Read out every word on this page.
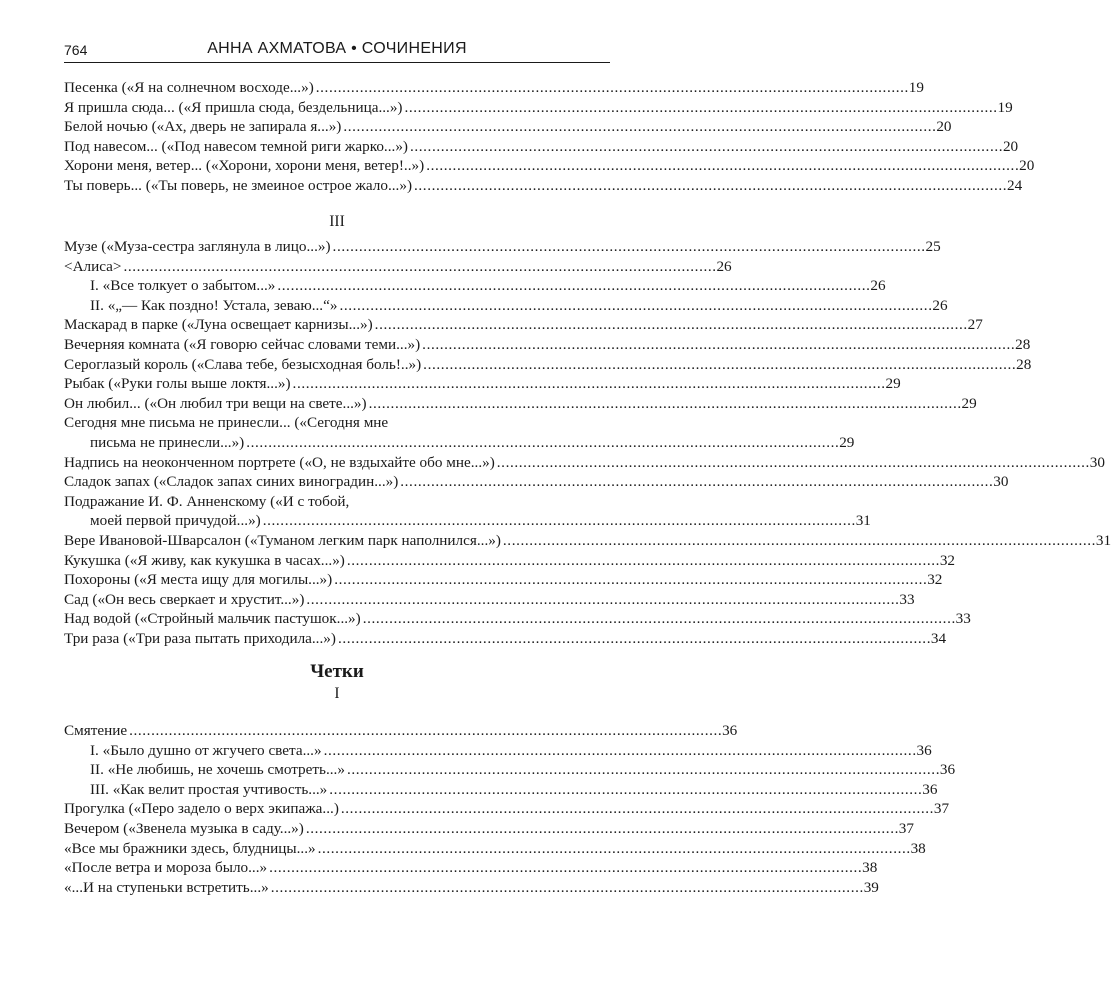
764	АННА АХМАТОВА • СОЧИНЕНИЯ
Песенка («Я на солнечном восходе...») . . .	19
Я пришла сюда... («Я пришла сюда, бездельница...») . . .	19
Белой ночью («Ах, дверь не запирала я...») . . .	20
Под навесом... («Под навесом темной риги жарко...») . . .	20
Хорони меня, ветер... («Хорони, хорони меня, ветер!..») . . .	20
Ты поверь... («Ты поверь, не змеиное острое жало...») . . .	24
III
Музе («Муза-сестра заглянула в лицо...») . . .	25
<Алиса> . . .	26
I. «Все толкует о забытом...» . . .	26
II. «„— Как поздно! Устала, зеваю...“» . . .	26
Маскарад в парке («Луна освещает карнизы...») . . .	27
Вечерняя комната («Я говорю сейчас словами теми...») . . .	28
Сероглазый король («Слава тебе, безысходная боль!..») . . .	28
Рыбак («Руки голы выше локтя...») . . .	29
Он любил... («Он любил три вещи на свете...») . . .	29
Сегодня мне письма не принесли... («Сегодня мне
письма не принесли...») . . .	29
Надпись на неоконченном портрете («О, не вздыхайте обо мне...») . . .	30
Сладок запах («Сладок запах синих виноградин...») . . .	30
Подражание И. Ф. Анненскому («И с тобой,
моей первой причудой...») . . .	31
Вере Ивановой-Шварсалон («Туманом легким парк наполнился...») . . .	31
Кукушка («Я живу, как кукушка в часах...») . . .	32
Похороны («Я места ищу для могилы...») . . .	32
Сад («Он весь сверкает и хрустит...») . . .	33
Над водой («Стройный мальчик пастушок...») . . .	33
Три раза («Три раза пытать приходила...») . . .	34
Четки
I
Смятение . . .	36
I. «Было душно от жгучего света...» . . .	36
II. «Не любишь, не хочешь смотреть...» . . .	36
III. «Как велит простая учтивость...» . . .	36
Прогулка («Перо задело о верх экипажа...) . . .	37
Вечером («Звенела музыка в саду...») . . .	37
«Все мы бражники здесь, блудницы...» . . .	38
«После ветра и мороза было...» . . .	38
«...И на ступеньки встретить...» . . .	39
